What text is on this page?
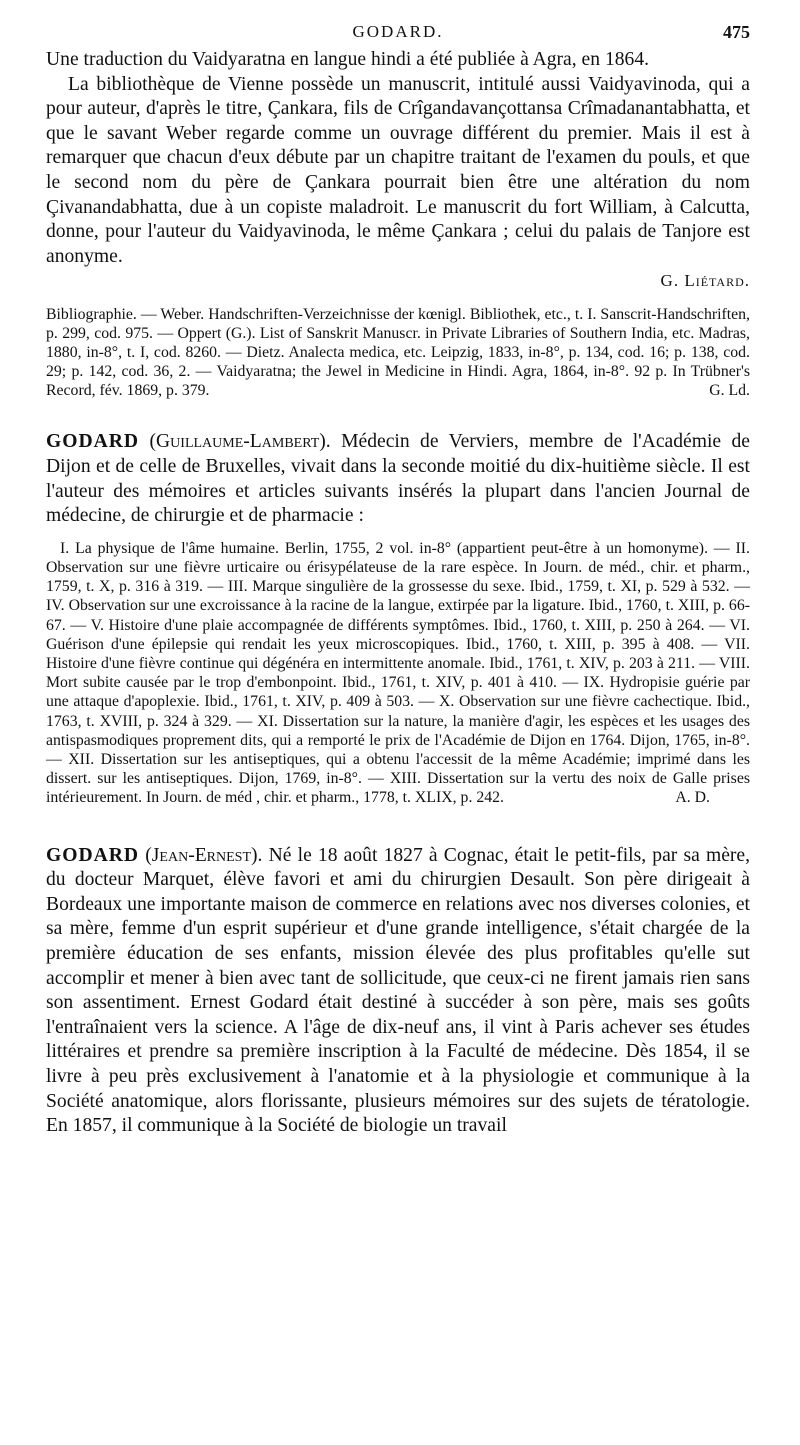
GODARD.	475

Une traduction du Vaidyaratna en langue hindi a été publiée à Agra, en 1864.

La bibliothèque de Vienne possède un manuscrit, intitulé aussi Vaidyavinoda, qui a pour auteur, d'après le titre, Çankara, fils de Crîgandavançottansa Crîmadanantabhatta, et que le savant Weber regarde comme un ouvrage différent du premier. Mais il est à remarquer que chacun d'eux débute par un chapitre traitant de l'examen du pouls, et que le second nom du père de Çankara pourrait bien être une altération du nom Çivanandabhatta, due à un copiste maladroit. Le manuscrit du fort William, à Calcutta, donne, pour l'auteur du Vaidyavinoda, le même Çankara ; celui du palais de Tanjore est anonyme.

G. Liétard.

Bibliographie. — Weber. Handschriften-Verzeichnisse der kœnigl. Bibliothek, etc., t. I. Sanscrit-Handschriften, p. 299, cod. 975. — Oppert (G.). List of Sanskrit Manuscr. in Private Libraries of Southern India, etc. Madras, 1880, in-8°, t. I, cod. 8260. — Dietz. Analecta medica, etc. Leipzig, 1833, in-8°, p. 134, cod. 16; p. 138, cod. 29; p. 142, cod. 36, 2. — Vaidyaratna; the Jewel in Medicine in Hindi. Agra, 1864, in-8°. 92 p. In Trübner's Record, fév. 1869, p. 379.	G. Ld.

GODARD (Guillaume-Lambert). Médecin de Verviers, membre de l'Académie de Dijon et de celle de Bruxelles, vivait dans la seconde moitié du dix-huitième siècle. Il est l'auteur des mémoires et articles suivants insérés la plupart dans l'ancien Journal de médecine, de chirurgie et de pharmacie :

I. La physique de l'âme humaine. Berlin, 1755, 2 vol. in-8° (appartient peut-être à un homonyme). — II. Observation sur une fièvre urticaire ou érisypélateuse de la rare espèce. In Journ. de méd., chir. et pharm., 1759, t. X, p. 316 à 319. — III. Marque singulière de la grossesse du sexe. Ibid., 1759, t. XI, p. 529 à 532. — IV. Observation sur une excroissance à la racine de la langue, extirpée par la ligature. Ibid., 1760, t. XIII, p. 66-67. — V. Histoire d'une plaie accompagnée de différents symptômes. Ibid., 1760, t. XIII, p. 250 à 264. — VI. Guérison d'une épilepsie qui rendait les yeux microscopiques. Ibid., 1760, t. XIII, p. 395 à 408. — VII. Histoire d'une fièvre continue qui dégénéra en intermittente anomale. Ibid., 1761, t. XIV, p. 203 à 211. — VIII. Mort subite causée par le trop d'embonpoint. Ibid., 1761, t. XIV, p. 401 à 410. — IX. Hydropisie guérie par une attaque d'apoplexie. Ibid., 1761, t. XIV, p. 409 à 503. — X. Observation sur une fièvre cachectique. Ibid., 1763, t. XVIII, p. 324 à 329. — XI. Dissertation sur la nature, la manière d'agir, les espèces et les usages des antispasmodiques proprement dits, qui a remporté le prix de l'Académie de Dijon en 1764. Dijon, 1765, in-8°. — XII. Dissertation sur les antiseptiques, qui a obtenu l'accessit de la même Académie; imprimé dans les dissert. sur les antiseptiques. Dijon, 1769, in-8°. — XIII. Dissertation sur la vertu des noix de Galle prises intérieurement. In Journ. de méd , chir. et pharm., 1778, t. XLIX, p. 242.	A. D.

GODARD (Jean-Ernest). Né le 18 août 1827 à Cognac, était le petit-fils, par sa mère, du docteur Marquet, élève favori et ami du chirurgien Desault. Son père dirigeait à Bordeaux une importante maison de commerce en relations avec nos diverses colonies, et sa mère, femme d'un esprit supérieur et d'une grande intelligence, s'était chargée de la première éducation de ses enfants, mission élevée des plus profitables qu'elle sut accomplir et mener à bien avec tant de sollicitude, que ceux-ci ne firent jamais rien sans son assentiment. Ernest Godard était destiné à succéder à son père, mais ses goûts l'entraînaient vers la science. A l'âge de dix-neuf ans, il vint à Paris achever ses études littéraires et prendre sa première inscription à la Faculté de médecine. Dès 1854, il se livre à peu près exclusivement à l'anatomie et à la physiologie et communique à la Société anatomique, alors florissante, plusieurs mémoires sur des sujets de tératologie. En 1857, il communique à la Société de biologie un travail
